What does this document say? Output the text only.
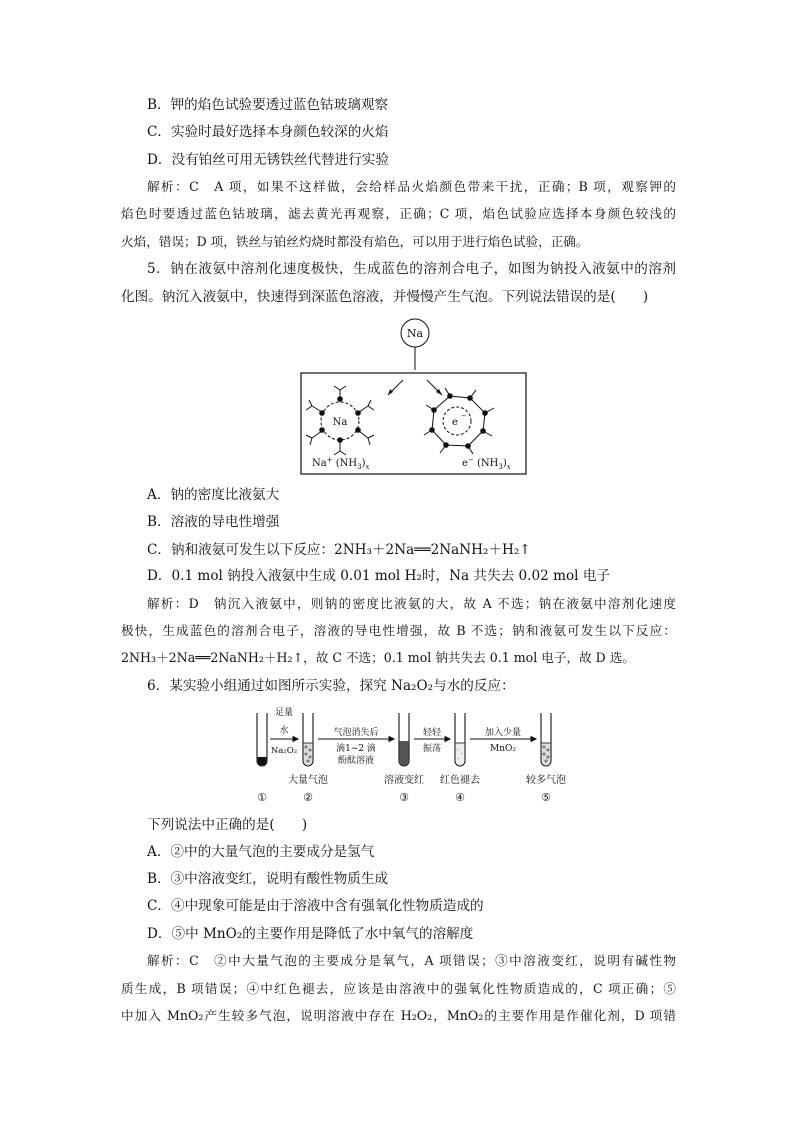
B．钾的焰色试验要透过蓝色钴玻璃观察
C．实验时最好选择本身颜色较深的火焰
D．没有铂丝可用无锈铁丝代替进行实验
解析：C　A 项，如果不这样做，会给样品火焰颜色带来干扰，正确；B 项，观察钾的
焰色时要透过蓝色钴玻璃，滤去黄光再观察，正确；C 项，焰色试验应选择本身颜色较浅的
火焰，错误；D 项，铁丝与铂丝灼烧时都没有焰色，可以用于进行焰色试验，正确。
5．钠在液氨中溶剂化速度极快，生成蓝色的溶剂合电子，如图为钠投入液氨中的溶剂
化图。钠沉入液氨中，快速得到深蓝色溶液，并慢慢产生气泡。下列说法错误的是(　　)
Na
Na	e
−
Na+ $(NH_3)_x$	e− $(NH_3)_x$
A．钠的密度比液氨大
B．溶液的导电性增强
C．钠和液氨可发生以下反应：2NH₃＋2Na══2NaNH₂＋H₂↑
D．0.1 mol 钠投入液氨中生成 0.01 mol H₂时，Na 共失去 0.02 mol 电子
解析：D　钠沉入液氨中，则钠的密度比液氨的大，故 A 不选；钠在液氨中溶剂化速度
极快，生成蓝色的溶剂合电子，溶液的导电性增强，故 B 不选；钠和液氨可发生以下反应：
2NH₃＋2Na══2NaNH₂＋H₂↑，故 C 不选；0.1 mol 钠共失去 0.1 mol 电子，故 D 选。
6．某实验小组通过如图所示实验，探究 Na₂O₂与水的反应：
足量
水
Na₂O₂
气泡消失后
滴1~2 滴
酚酞溶液
轻轻
振荡
加入少量
MnO₂
大量气泡	溶液变红 红色褪去	较多气泡
①	②	③	④	⑤
下列说法中正确的是(　　)
A．②中的大量气泡的主要成分是氢气
B．③中溶液变红，说明有酸性物质生成
C．④中现象可能是由于溶液中含有强氧化性物质造成的
D．⑤中 MnO₂的主要作用是降低了水中氧气的溶解度
解析：C　②中大量气泡的主要成分是氧气，A 项错误；③中溶液变红，说明有碱性物
质生成，B 项错误；④中红色褪去，应该是由溶液中的强氧化性物质造成的，C 项正确；⑤
中加入 MnO₂产生较多气泡，说明溶液中存在 H₂O₂，MnO₂的主要作用是作催化剂，D 项错
